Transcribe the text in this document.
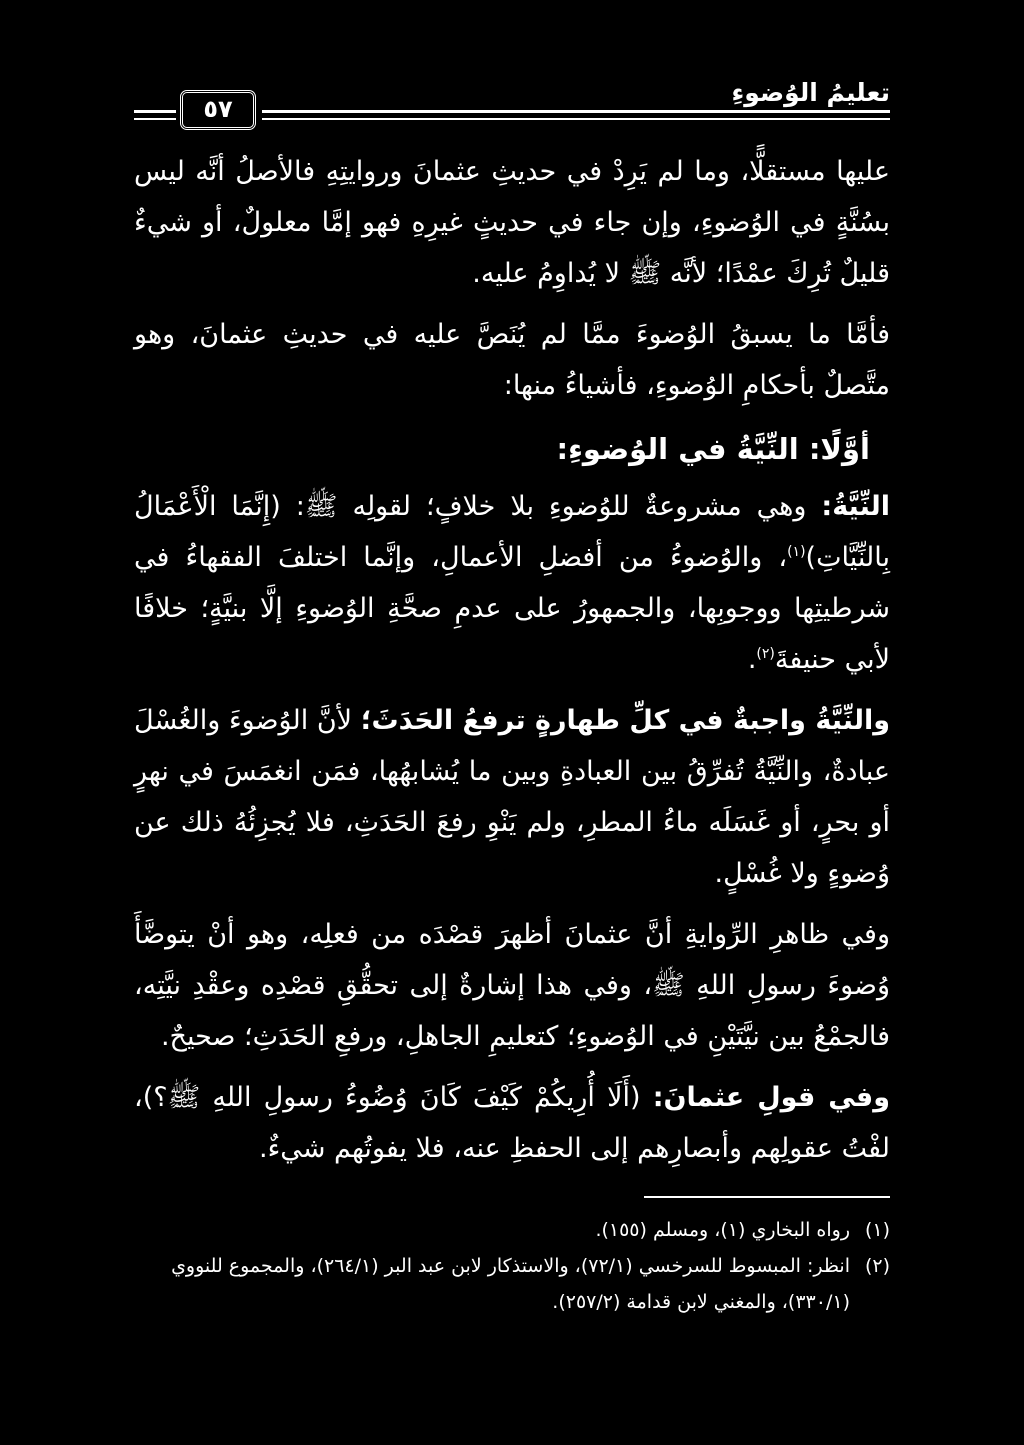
تعليمُ الوُضوءِ
٥٧

عليها مستقلًّا، وما لم يَرِدْ في حديثِ عثمانَ وروايتِهِ فالأصلُ أنَّه ليس بسُنَّةٍ في الوُضوءِ، وإن جاء في حديثٍ غيرِهِ فهو إمَّا معلولٌ، أو شيءٌ قليلٌ تُرِكَ عمْدًا؛ لأنَّه ﷺ لا يُداوِمُ عليه.

فأمَّا ما يسبقُ الوُضوءَ ممَّا لم يُنَصَّ عليه في حديثِ عثمانَ، وهو متَّصلٌ بأحكامِ الوُضوءِ، فأشياءُ منها:

أوَّلًا: النِّيَّةُ في الوُضوءِ:

النِّيَّةُ: وهي مشروعةٌ للوُضوءِ بلا خلافٍ؛ لقولِه ﷺ: (إِنَّمَا الْأَعْمَالُ بِالنِّيَّاتِ)$^{(١)}$، والوُضوءُ من أفضلِ الأعمالِ، وإنَّما اختلفَ الفقهاءُ في شرطيتِها ووجوبِها، والجمهورُ على عدمِ صحَّةِ الوُضوءِ إلَّا بنيَّةٍ؛ خلافًا لأبي حنيفةَ$^{(٢)}$.

والنِّيَّةُ واجبةٌ في كلِّ طهارةٍ ترفعُ الحَدَثَ؛ لأنَّ الوُضوءَ والغُسْلَ عبادةٌ، والنِّيَّةُ تُفرِّقُ بين العبادةِ وبين ما يُشابهُها، فمَن انغمَسَ في نهرٍ أو بحرٍ، أو غَسَلَه ماءُ المطرِ، ولم يَنْوِ رفعَ الحَدَثِ، فلا يُجزِئُهُ ذلك عن وُضوءٍ ولا غُسْلٍ.

وفي ظاهرِ الرِّوايةِ أنَّ عثمانَ أظهرَ قصْدَه من فعلِه، وهو أنْ يتوضَّأَ وُضوءَ رسولِ اللهِ ﷺ، وفي هذا إشارةٌ إلى تحقُّقِ قصْدِه وعقْدِ نيَّتِه، فالجمْعُ بين نيَّتَيْنِ في الوُضوءِ؛ كتعليمِ الجاهلِ، ورفعِ الحَدَثِ؛ صحيحٌ.

وفي قولِ عثمانَ: (أَلَا أُرِيكُمْ كَيْفَ كَانَ وُضُوءُ رسولِ اللهِ ﷺ؟)، لفْتُ عقولِهم وأبصارِهم إلى الحفظِ عنه، فلا يفوتُهم شيءٌ.

(١)
رواه البخاري (١)، ومسلم (١٥٥).
(٢)
انظر: المبسوط للسرخسي (٧٢/١)، والاستذكار لابن عبد البر (٢٦٤/١)، والمجموع للنووي (٣٣٠/١)، والمغني لابن قدامة (٢٥٧/٢).
